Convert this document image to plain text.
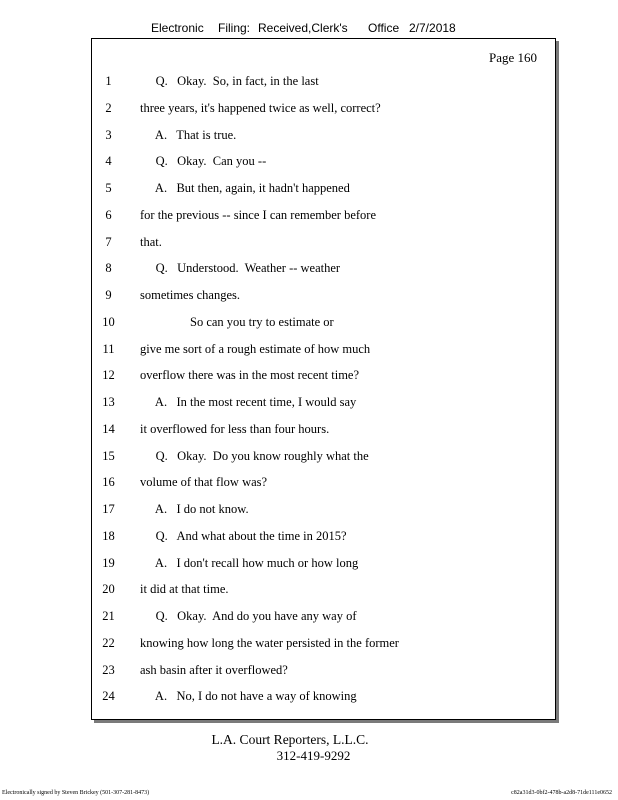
Electronic Filing: Received,Clerk's Office 2/7/2018
Page 160
1	Q.   Okay.  So, in fact, in the last
2	three years, it's happened twice as well, correct?
3	A.   That is true.
4	Q.   Okay.  Can you --
5	A.   But then, again, it hadn't happened
6	for the previous -- since I can remember before
7	that.
8	Q.   Understood.  Weather -- weather
9	sometimes changes.
10	So can you try to estimate or
11	give me sort of a rough estimate of how much
12	overflow there was in the most recent time?
13	A.   In the most recent time, I would say
14	it overflowed for less than four hours.
15	Q.   Okay.  Do you know roughly what the
16	volume of that flow was?
17	A.   I do not know.
18	Q.   And what about the time in 2015?
19	A.   I don't recall how much or how long
20	it did at that time.
21	Q.   Okay.  And do you have any way of
22	knowing how long the water persisted in the former
23	ash basin after it overflowed?
24	A.   No, I do not have a way of knowing
L.A. Court Reporters, L.L.C.
312-419-9292
Electronically signed by Steven Brickey (501-307-281-8473)	c82a31d3-0bf2-478b-a2d8-71de111e0652
